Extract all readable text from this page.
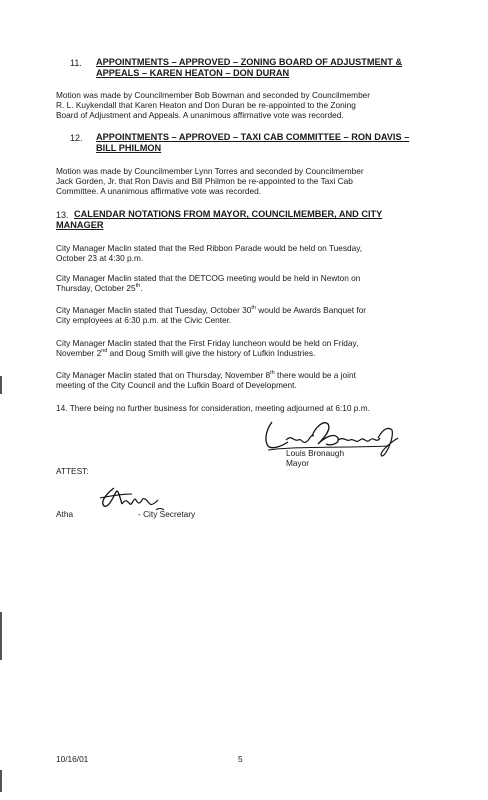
11. APPOINTMENTS – APPROVED – ZONING BOARD OF ADJUSTMENT &
APPEALS – KAREN HEATON – DON DURAN
Motion was made by Councilmember Bob Bowman and seconded by Councilmember
R. L. Kuykendall that Karen Heaton and Don Duran be re-appointed to the Zoning
Board of Adjustment and Appeals. A unanimous affirmative vote was recorded.
12. APPOINTMENTS – APPROVED – TAXI CAB COMMITTEE – RON DAVIS –
BILL PHILMON
Motion was made by Councilmember Lynn Torres and seconded by Councilmember
Jack Gorden, Jr. that Ron Davis and Bill Philmon be re-appointed to the Taxi Cab
Committee. A unanimous affirmative vote was recorded.
13. CALENDAR NOTATIONS FROM MAYOR, COUNCILMEMBER, AND CITY
MANAGER
City Manager Maclin stated that the Red Ribbon Parade would be held on Tuesday,
October 23 at 4:30 p.m.
City Manager Maclin stated that the DETCOG meeting would be held in Newton on
Thursday, October 25th.
City Manager Maclin stated that Tuesday, October 30th would be Awards Banquet for
City employees at 6:30 p.m. at the Civic Center.
City Manager Maclin stated that the First Friday luncheon would be held on Friday,
November 2nd and Doug Smith will give the history of Lufkin Industries.
City Manager Maclin stated that on Thursday, November 8th there would be a joint
meeting of the City Council and the Lufkin Board of Development.
14. There being no further business for consideration, meeting adjourned at 6:10 p.m.
Louis Bronaugh
Mayor
ATTEST:
Atha	- City Secretary
10/16/01	5
